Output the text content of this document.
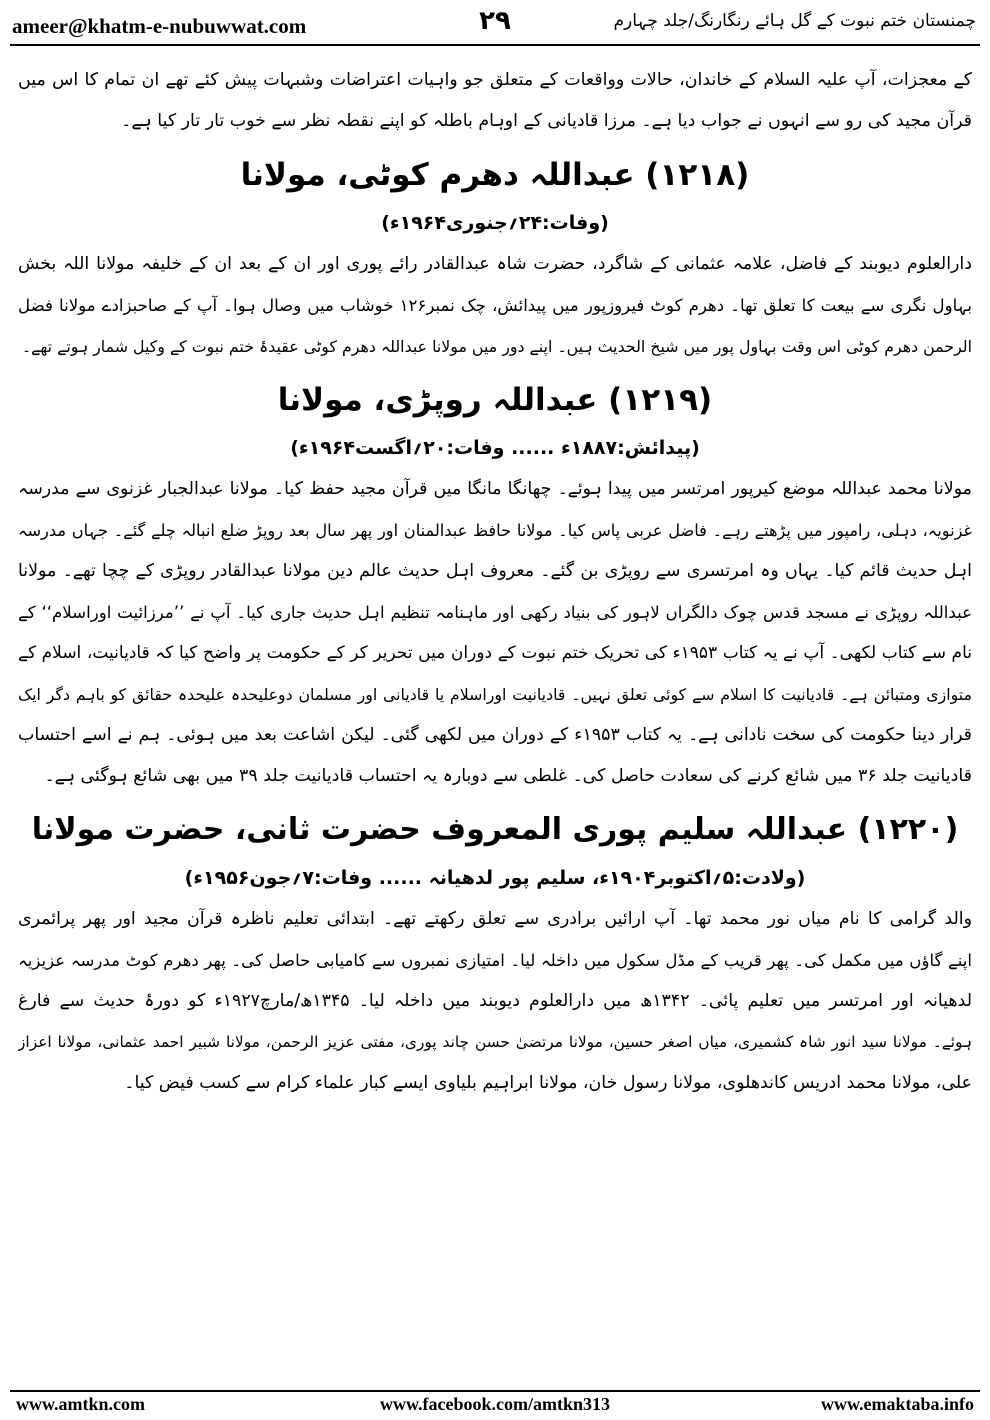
ameer@khatm-e-nubuwwat.com	۲۹	چمنستان ختم نبوت کے گل ہائے رنگارنگ/جلد چہارم

کے معجزات، آپ علیہ السلام کے خاندان، حالات وواقعات کے متعلق جو واہیات اعتراضات وشبہات پیش کئے تھے ان تمام کا اس میں
قرآن مجید کی رو سے انہوں نے جواب دیا ہے۔ مرزا قادیانی کے اوہام باطلہ کو اپنے نقطہ نظر سے خوب تار تار کیا ہے۔

(۱۲۱۸) عبداللہ دھرم کوٹی، مولانا
(وفات:۲۴؍جنوری۱۹۶۴ء)

دارالعلوم دیوبند کے فاضل، علامہ عثمانی کے شاگرد، حضرت شاہ عبدالقادر رائے پوری اور ان کے بعد ان کے خلیفہ مولانا اللہ بخش
بہاول نگری سے بیعت کا تعلق تھا۔ دھرم کوٹ فیروزپور میں پیدائش، چک نمبر۱۲۶ خوشاب میں وصال ہوا۔ آپ کے صاحبزادے مولانا فضل
الرحمن دھرم کوٹی اس وقت بہاول پور میں شیخ الحدیث ہیں۔ اپنے دور میں مولانا عبداللہ دھرم کوٹی عقیدۂ ختم نبوت کے وکیل شمار ہوتے تھے۔

(۱۲۱۹) عبداللہ روپڑی، مولانا
(پیدائش:۱۸۸۷ء ...... وفات:۲۰؍اگست۱۹۶۴ء)

مولانا محمد عبداللہ موضع کیرپور امرتسر میں پیدا ہوئے۔ چھانگا مانگا میں قرآن مجید حفظ کیا۔ مولانا عبدالجبار غزنوی سے مدرسہ
غزنویہ، دہلی، رامپور میں پڑھتے رہے۔ فاضل عربی پاس کیا۔ مولانا حافظ عبدالمنان اور پھر سال بعد روپڑ ضلع انبالہ چلے گئے۔ جہاں مدرسہ
اہل حدیث قائم کیا۔ یہاں وہ امرتسری سے روپڑی بن گئے۔ معروف اہل حدیث عالم دین مولانا عبدالقادر روپڑی کے چچا تھے۔ مولانا
عبداللہ روپڑی نے مسجد قدس چوک دالگراں لاہور کی بنیاد رکھی اور ماہنامہ تنظیم اہل حدیث جاری کیا۔ آپ نے ’’مرزائیت اوراسلام‘‘ کے
نام سے کتاب لکھی۔ آپ نے یہ کتاب ۱۹۵۳ء کی تحریک ختم نبوت کے دوران میں تحریر کر کے حکومت پر واضح کیا کہ قادیانیت، اسلام کے
متوازی ومتبائن ہے۔ قادیانیت کا اسلام سے کوئی تعلق نہیں۔ قادیانیت اوراسلام یا قادیانی اور مسلمان دوعلیحدہ علیحدہ حقائق کو باہم دگر ایک
قرار دینا حکومت کی سخت نادانی ہے۔ یہ کتاب ۱۹۵۳ء کے دوران میں لکھی گئی۔ لیکن اشاعت بعد میں ہوئی۔ ہم نے اسے احتساب
قادیانیت جلد ۳۶ میں شائع کرنے کی سعادت حاصل کی۔ غلطی سے دوبارہ یہ احتساب قادیانیت جلد ۳۹ میں بھی شائع ہوگئی ہے۔

(۱۲۲۰) عبداللہ سلیم پوری المعروف حضرت ثانی، حضرت مولانا
(ولادت:۵؍اکتوبر۱۹۰۴ء، سلیم پور لدھیانہ ...... وفات:۷؍جون۱۹۵۶ء)

والد گرامی کا نام میاں نور محمد تھا۔ آپ ارائیں برادری سے تعلق رکھتے تھے۔ ابتدائی تعلیم ناظرہ قرآن مجید اور پھر پرائمری
اپنے گاؤں میں مکمل کی۔ پھر قریب کے مڈل سکول میں داخلہ لیا۔ امتیازی نمبروں سے کامیابی حاصل کی۔ پھر دھرم کوٹ مدرسہ عزیزیہ
لدھیانہ اور امرتسر میں تعلیم پائی۔ ۱۳۴۲ھ میں دارالعلوم دیوبند میں داخلہ لیا۔ ۱۳۴۵ھ/مارچ۱۹۲۷ء کو دورۂ حدیث سے فارغ
ہوئے۔ مولانا سید انور شاہ کشمیری، میاں اصغر حسین، مولانا مرتضیٰ حسن چاند پوری، مفتی عزیز الرحمن، مولانا شبیر احمد عثمانی، مولانا اعزاز
علی، مولانا محمد ادریس کاندھلوی، مولانا رسول خان، مولانا ابراہیم بلیاوی ایسے کبار علماء کرام سے کسب فیض کیا۔

www.amtkn.com	www.facebook.com/amtkn313	www.emaktaba.info
